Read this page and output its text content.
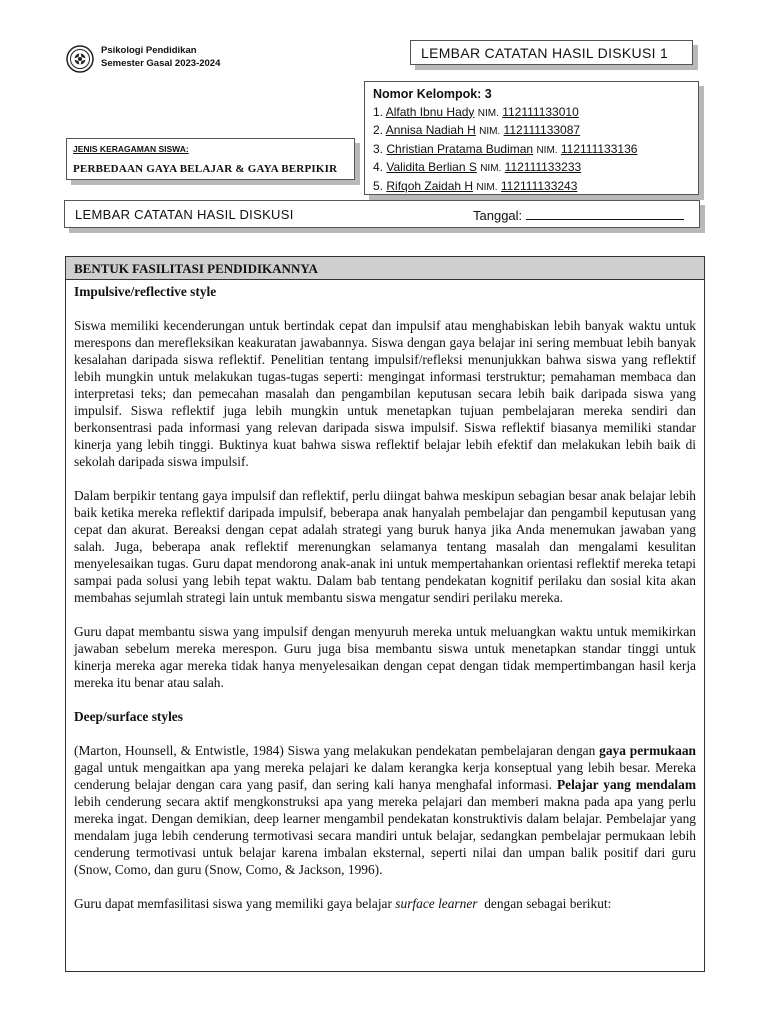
Psikologi Pendidikan
Semester Gasal 2023-2024
LEMBAR CATATAN HASIL DISKUSI 1
Nomor Kelompok: 3
1. Alfath Ibnu Hady NIM. 112111133010
2. Annisa Nadiah H NIM. 112111133087
3. Christian Pratama Budiman NIM. 112111133136
4. Validita Berlian S NIM. 112111133233
5. Rifqoh Zaidah H NIM. 112111133243
JENIS KERAGAMAN SISWA:
PERBEDAAN GAYA BELAJAR & GAYA BERPIKIR
LEMBAR CATATAN HASIL DISKUSI	Tanggal:
BENTUK FASILITASI PENDIDIKANNYA

Impulsive/reflective style

Siswa memiliki kecenderungan untuk bertindak cepat dan impulsif atau menghabiskan lebih banyak waktu untuk merespons dan merefleksikan keakuratan jawabannya. Siswa dengan gaya belajar ini sering membuat lebih banyak kesalahan daripada siswa reflektif. Penelitian tentang impulsif/refleksi menunjukkan bahwa siswa yang reflektif lebih mungkin untuk melakukan tugas-tugas seperti: mengingat informasi terstruktur; pemahaman membaca dan interpretasi teks; dan pemecahan masalah dan pengambilan keputusan secara lebih baik daripada siswa yang impulsif. Siswa reflektif juga lebih mungkin untuk menetapkan tujuan pembelajaran mereka sendiri dan berkonsentrasi pada informasi yang relevan daripada siswa impulsif. Siswa reflektif biasanya memiliki standar kinerja yang lebih tinggi. Buktinya kuat bahwa siswa reflektif belajar lebih efektif dan melakukan lebih baik di sekolah daripada siswa impulsif.

Dalam berpikir tentang gaya impulsif dan reflektif, perlu diingat bahwa meskipun sebagian besar anak belajar lebih baik ketika mereka reflektif daripada impulsif, beberapa anak hanyalah pembelajar dan pengambil keputusan yang cepat dan akurat. Bereaksi dengan cepat adalah strategi yang buruk hanya jika Anda menemukan jawaban yang salah. Juga, beberapa anak reflektif merenungkan selamanya tentang masalah dan mengalami kesulitan menyelesaikan tugas. Guru dapat mendorong anak-anak ini untuk mempertahankan orientasi reflektif mereka tetapi sampai pada solusi yang lebih tepat waktu. Dalam bab tentang pendekatan kognitif perilaku dan sosial kita akan membahas sejumlah strategi lain untuk membantu siswa mengatur sendiri perilaku mereka.

Guru dapat membantu siswa yang impulsif dengan menyuruh mereka untuk meluangkan waktu untuk memikirkan jawaban sebelum mereka merespon. Guru juga bisa membantu siswa untuk menetapkan standar tinggi untuk kinerja mereka agar mereka tidak hanya menyelesaikan dengan cepat dengan tidak mempertimbangan hasil kerja mereka itu benar atau salah.

Deep/surface styles

(Marton, Hounsell, & Entwistle, 1984) Siswa yang melakukan pendekatan pembelajaran dengan gaya permukaan gagal untuk mengaitkan apa yang mereka pelajari ke dalam kerangka kerja konseptual yang lebih besar. Mereka cenderung belajar dengan cara yang pasif, dan sering kali hanya menghafal informasi. Pelajar yang mendalam lebih cenderung secara aktif mengkonstruksi apa yang mereka pelajari dan memberi makna pada apa yang perlu mereka ingat. Dengan demikian, deep learner mengambil pendekatan konstruktivis dalam belajar. Pembelajar yang mendalam juga lebih cenderung termotivasi secara mandiri untuk belajar, sedangkan pembelajar permukaan lebih cenderung termotivasi untuk belajar karena imbalan eksternal, seperti nilai dan umpan balik positif dari guru (Snow, Como, dan guru (Snow, Como, & Jackson, 1996).

Guru dapat memfasilitasi siswa yang memiliki gaya belajar surface learner  dengan sebagai berikut:
